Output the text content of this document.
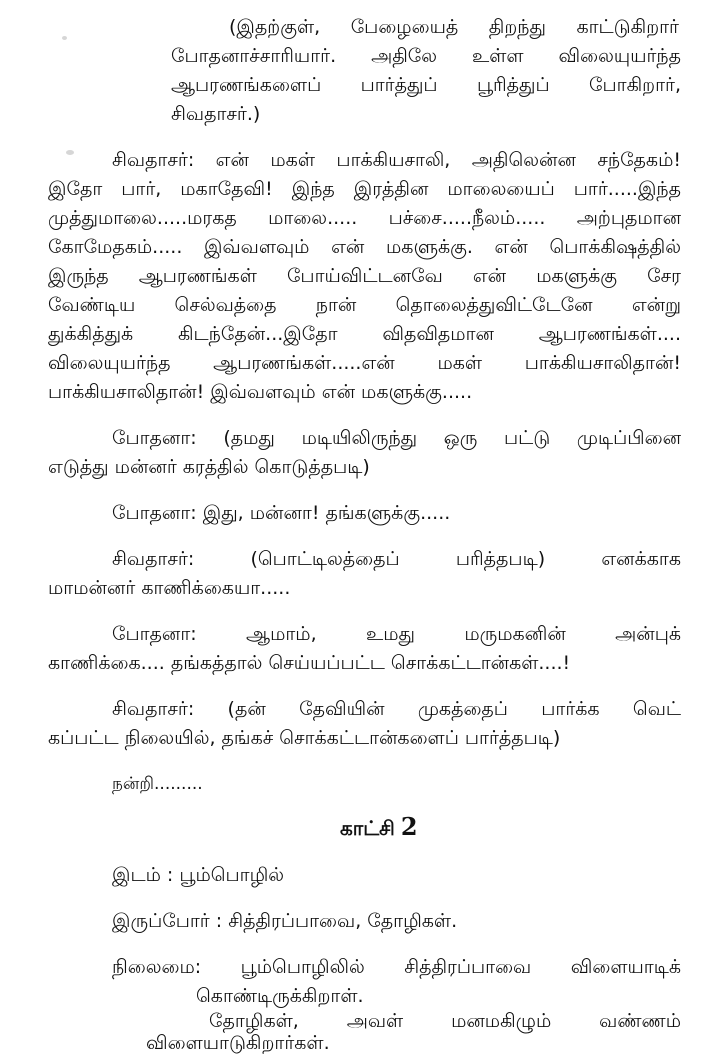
(இதற்குள், பேழையைத் திறந்து காட்டுகிறார்
போதனாச்சாரியார். அதிலே உள்ள விலையுயர்ந்த
ஆபரணங்களைப் பார்த்துப் பூரித்துப் போகிறார்,
சிவதாசர்.)
சிவதாசர்: என் மகள் பாக்கியசாலி, அதிலென்ன சந்தேகம்!
இதோ பார், மகாதேவி! இந்த இரத்தின மாலையைப் பார்.....இந்த
முத்துமாலை.....மரகத மாலை..... பச்சை.....நீலம்..... அற்புதமான
கோமேதகம்..... இவ்வளவும் என் மகளுக்கு. என் பொக்கிஷத்தில்
இருந்த ஆபரணங்கள் போய்விட்டனவே என் மகளுக்கு சேர
வேண்டிய செல்வத்தை நான் தொலைத்துவிட்டேனே என்று
துக்கித்துக் கிடந்தேன்...இதோ விதவிதமான ஆபரணங்கள்....
விலையுயர்ந்த ஆபரணங்கள்.....என் மகள் பாக்கியசாலிதான்!
பாக்கியசாலிதான்! இவ்வளவும் என் மகளுக்கு.....
போதனா: (தமது மடியிலிருந்து ஒரு பட்டு முடிப்பினை
எடுத்து மன்னர் கரத்தில் கொடுத்தபடி)
போதனா: இது, மன்னா! தங்களுக்கு.....
சிவதாசர்: (பொட்டிலத்தைப் பரித்தபடி) எனக்காக
மாமன்னர் காணிக்கையா.....
போதனா: ஆமாம், உமது மருமகனின் அன்புக்
காணிக்கை.... தங்கத்தால் செய்யப்பட்ட சொக்கட்டான்கள்....!
சிவதாசர்: (தன் தேவியின் முகத்தைப் பார்க்க வெட்
கப்பட்ட நிலையில், தங்கச் சொக்கட்டான்களைப் பார்த்தபடி)
நன்றி.........
காட்சி 2
இடம் : பூம்பொழில்
இருப்போர் : சித்திரப்பாவை, தோழிகள்.
நிலைமை: பூம்பொழிலில் சித்திரப்பாவை விளையாடிக்
கொண்டிருக்கிறாள்.
தோழிகள், அவள் மனமகிழும் வண்ணம்
விளையாடுகிறார்கள்.
